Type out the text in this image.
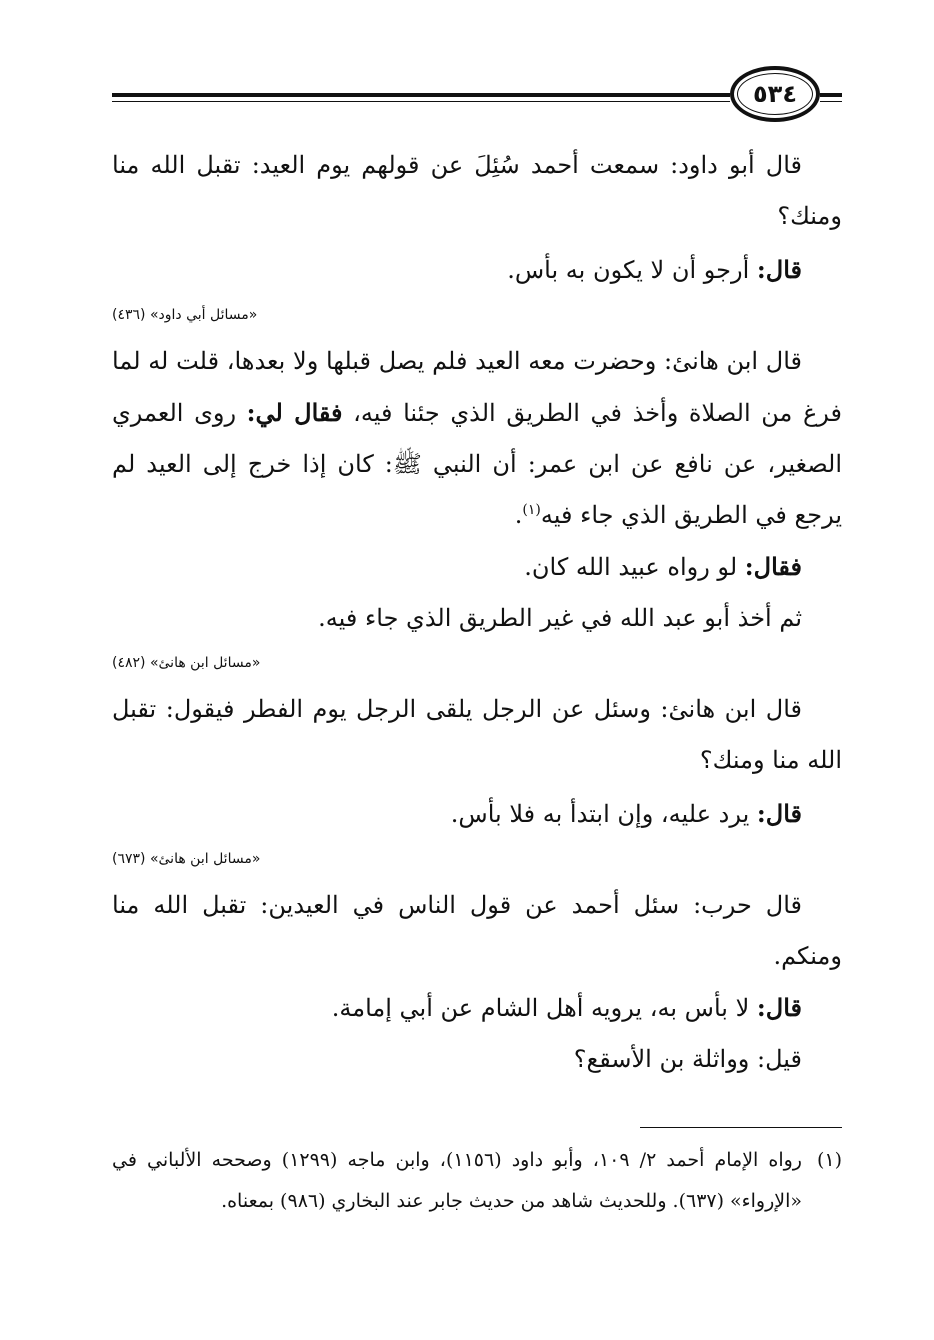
٥٣٤

قال أبو داود: سمعت أحمد سُئِلَ عن قولهم يوم العيد: تقبل الله منا ومنك؟

قال: أرجو أن لا يكون به بأس.

«مسائل أبي داود» (٤٣٦)

قال ابن هانئ: وحضرت معه العيد فلم يصل قبلها ولا بعدها، قلت له لما فرغ من الصلاة وأخذ في الطريق الذي جئنا فيه، فقال لي: روى العمري الصغير، عن نافع عن ابن عمر: أن النبي ﷺ: كان إذا خرج إلى العيد لم يرجع في الطريق الذي جاء فيه$^{(١)}$.

فقال: لو رواه عبيد الله كان.

ثم أخذ أبو عبد الله في غير الطريق الذي جاء فيه.

«مسائل ابن هانئ» (٤٨٢)

قال ابن هانئ: وسئل عن الرجل يلقى الرجل يوم الفطر فيقول: تقبل الله منا ومنك؟

قال: يرد عليه، وإن ابتدأ به فلا بأس.

«مسائل ابن هانئ» (٦٧٣)

قال حرب: سئل أحمد عن قول الناس في العيدين: تقبل الله منا ومنكم.

قال: لا بأس به، يرويه أهل الشام عن أبي إمامة.

قيل: وواثلة بن الأسقع؟

(١)
رواه الإمام أحمد ٢/ ١٠٩، وأبو داود (١١٥٦)، وابن ماجه (١٢٩٩) وصححه الألباني في «الإرواء» (٦٣٧). وللحديث شاهد من حديث جابر عند البخاري (٩٨٦) بمعناه.
